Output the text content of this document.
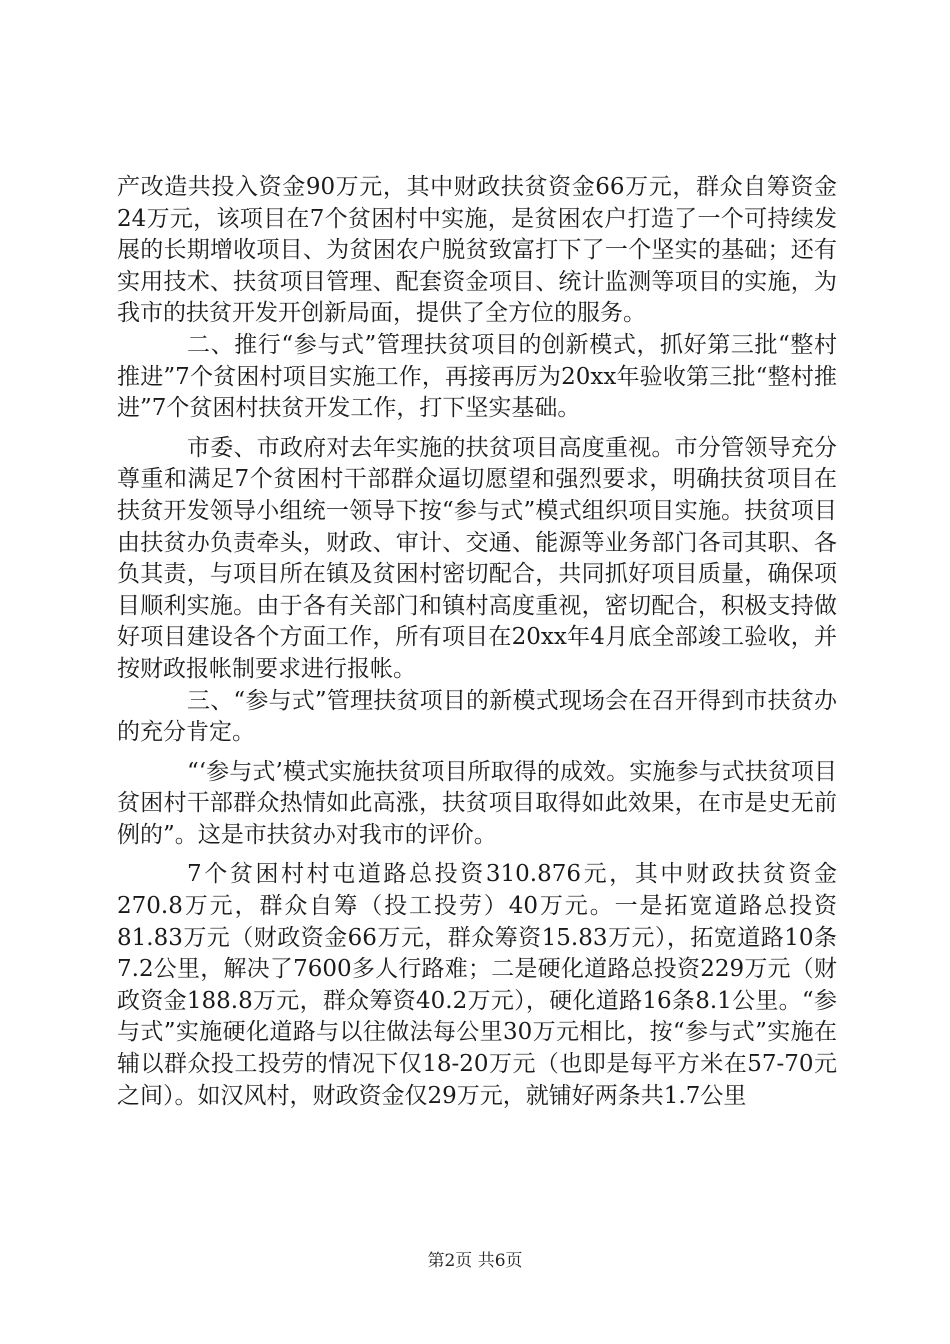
产改造共投入资金90万元，其中财政扶贫资金66万元，群众自筹资金24万元，该项目在7个贫困村中实施，是贫困农户打造了一个可持续发展的长期增收项目、为贫困农户脱贫致富打下了一个坚实的基础；还有实用技术、扶贫项目管理、配套资金项目、统计监测等项目的实施，为我市的扶贫开发开创新局面，提供了全方位的服务。

二、推行“参与式”管理扶贫项目的创新模式，抓好第三批“整村推进”7个贫困村项目实施工作，再接再厉为20xx年验收第三批“整村推进”7个贫困村扶贫开发工作，打下坚实基础。

市委、市政府对去年实施的扶贫项目高度重视。市分管领导充分尊重和满足7个贫困村干部群众逼切愿望和强烈要求，明确扶贫项目在扶贫开发领导小组统一领导下按“参与式”模式组织项目实施。扶贫项目由扶贫办负责牵头，财政、审计、交通、能源等业务部门各司其职、各负其责，与项目所在镇及贫困村密切配合，共同抓好项目质量，确保项目顺利实施。由于各有关部门和镇村高度重视，密切配合，积极支持做好项目建设各个方面工作，所有项目在20xx年4月底全部竣工验收，并按财政报帐制要求进行报帐。

三、“参与式”管理扶贫项目的新模式现场会在召开得到市扶贫办的充分肯定。

“‘参与式’模式实施扶贫项目所取得的成效。实施参与式扶贫项目贫困村干部群众热情如此高涨，扶贫项目取得如此效果，在市是史无前例的”。这是市扶贫办对我市的评价。

7个贫困村村屯道路总投资310.876元，其中财政扶贫资金270.8万元，群众自筹（投工投劳）40万元。一是拓宽道路总投资81.83万元（财政资金66万元，群众筹资15.83万元），拓宽道路10条7.2公里，解决了7600多人行路难；二是硬化道路总投资229万元（财政资金188.8万元，群众筹资40.2万元），硬化道路16条8.1公里。“参与式”实施硬化道路与以往做法每公里30万元相比，按“参与式”实施在辅以群众投工投劳的情况下仅18-20万元（也即是每平方米在57-70元之间）。如汉风村，财政资金仅29万元，就铺好两条共1.7公里

第2页 共6页
